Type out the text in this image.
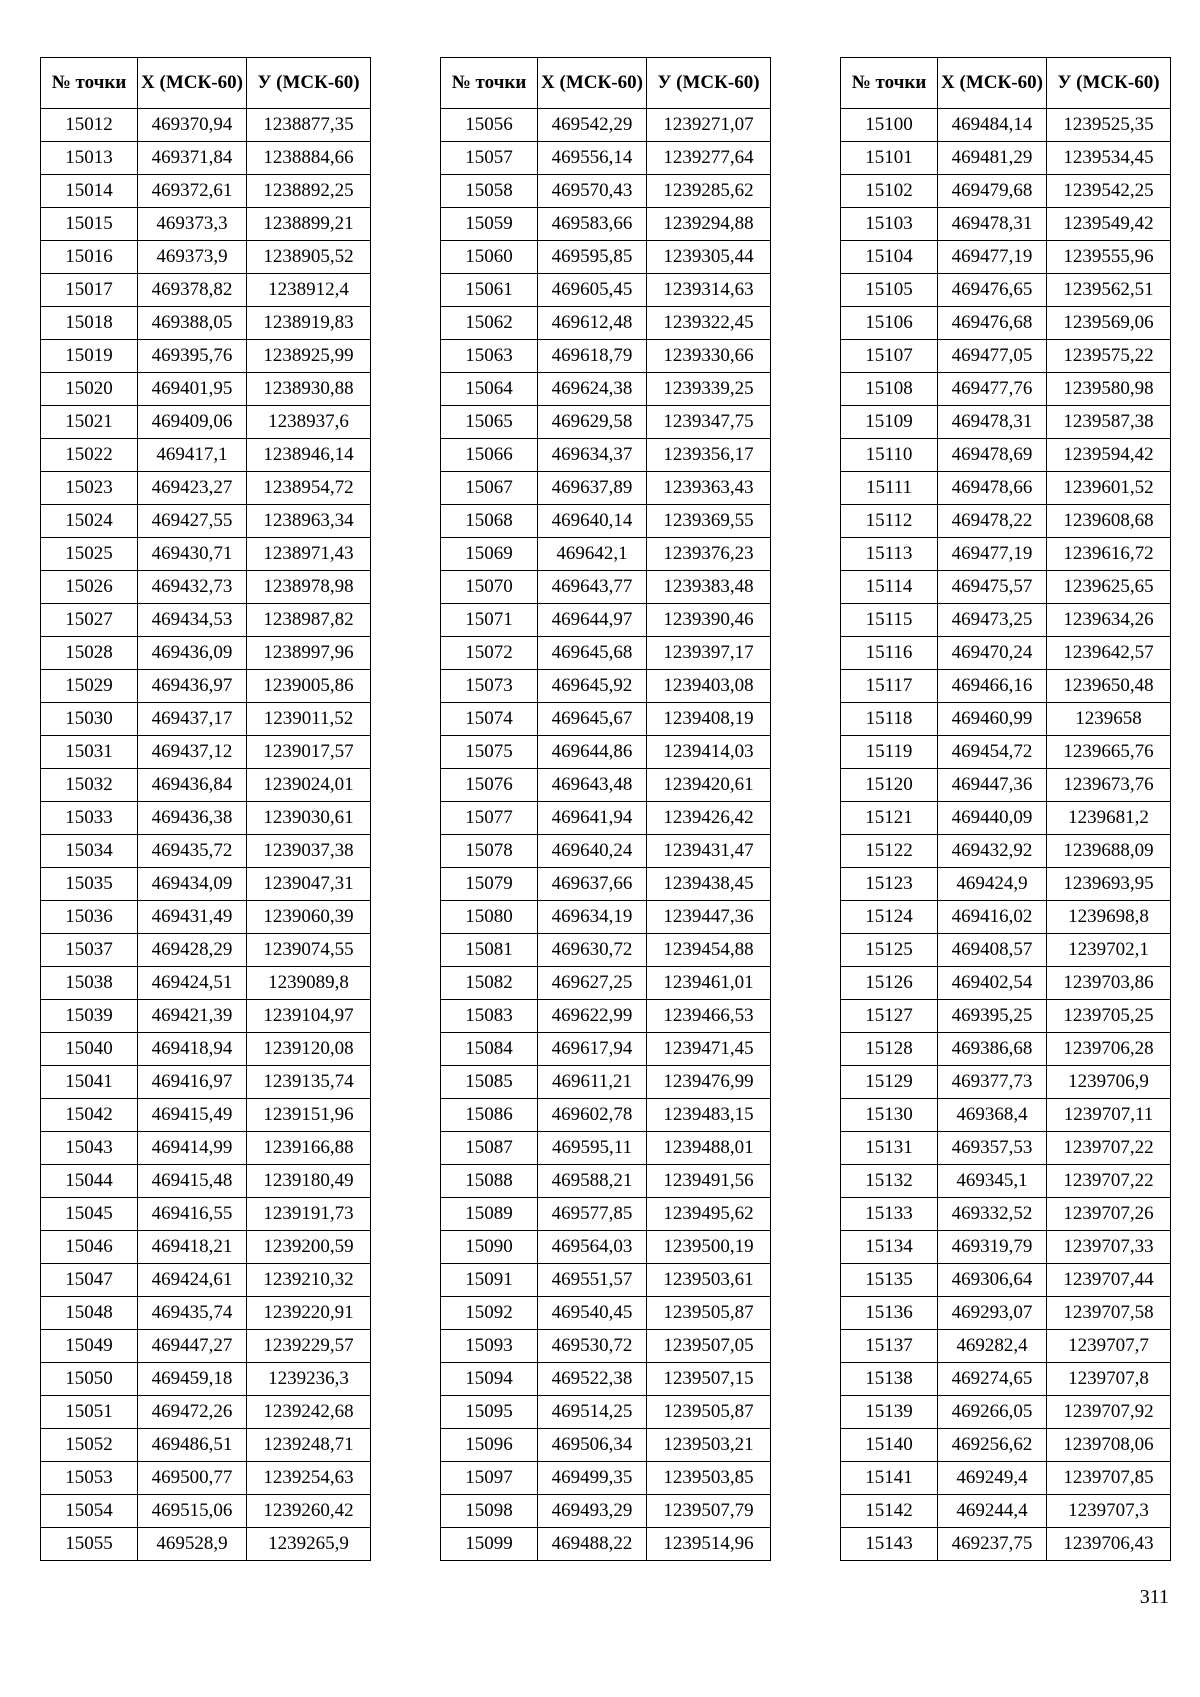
№ точки	X (МСК-60)	У (МСК-60)
15012	469370,94	1238877,35
15013	469371,84	1238884,66
15014	469372,61	1238892,25
15015	469373,3	1238899,21
15016	469373,9	1238905,52
15017	469378,82	1238912,4
15018	469388,05	1238919,83
15019	469395,76	1238925,99
15020	469401,95	1238930,88
15021	469409,06	1238937,6
15022	469417,1	1238946,14
15023	469423,27	1238954,72
15024	469427,55	1238963,34
15025	469430,71	1238971,43
15026	469432,73	1238978,98
15027	469434,53	1238987,82
15028	469436,09	1238997,96
15029	469436,97	1239005,86
15030	469437,17	1239011,52
15031	469437,12	1239017,57
15032	469436,84	1239024,01
15033	469436,38	1239030,61
15034	469435,72	1239037,38
15035	469434,09	1239047,31
15036	469431,49	1239060,39
15037	469428,29	1239074,55
15038	469424,51	1239089,8
15039	469421,39	1239104,97
15040	469418,94	1239120,08
15041	469416,97	1239135,74
15042	469415,49	1239151,96
15043	469414,99	1239166,88
15044	469415,48	1239180,49
15045	469416,55	1239191,73
15046	469418,21	1239200,59
15047	469424,61	1239210,32
15048	469435,74	1239220,91
15049	469447,27	1239229,57
15050	469459,18	1239236,3
15051	469472,26	1239242,68
15052	469486,51	1239248,71
15053	469500,77	1239254,63
15054	469515,06	1239260,42
15055	469528,9	1239265,9
№ точки	X (МСК-60)	У (МСК-60)
15056	469542,29	1239271,07
15057	469556,14	1239277,64
15058	469570,43	1239285,62
15059	469583,66	1239294,88
15060	469595,85	1239305,44
15061	469605,45	1239314,63
15062	469612,48	1239322,45
15063	469618,79	1239330,66
15064	469624,38	1239339,25
15065	469629,58	1239347,75
15066	469634,37	1239356,17
15067	469637,89	1239363,43
15068	469640,14	1239369,55
15069	469642,1	1239376,23
15070	469643,77	1239383,48
15071	469644,97	1239390,46
15072	469645,68	1239397,17
15073	469645,92	1239403,08
15074	469645,67	1239408,19
15075	469644,86	1239414,03
15076	469643,48	1239420,61
15077	469641,94	1239426,42
15078	469640,24	1239431,47
15079	469637,66	1239438,45
15080	469634,19	1239447,36
15081	469630,72	1239454,88
15082	469627,25	1239461,01
15083	469622,99	1239466,53
15084	469617,94	1239471,45
15085	469611,21	1239476,99
15086	469602,78	1239483,15
15087	469595,11	1239488,01
15088	469588,21	1239491,56
15089	469577,85	1239495,62
15090	469564,03	1239500,19
15091	469551,57	1239503,61
15092	469540,45	1239505,87
15093	469530,72	1239507,05
15094	469522,38	1239507,15
15095	469514,25	1239505,87
15096	469506,34	1239503,21
15097	469499,35	1239503,85
15098	469493,29	1239507,79
15099	469488,22	1239514,96
№ точки	X (МСК-60)	У (МСК-60)
15100	469484,14	1239525,35
15101	469481,29	1239534,45
15102	469479,68	1239542,25
15103	469478,31	1239549,42
15104	469477,19	1239555,96
15105	469476,65	1239562,51
15106	469476,68	1239569,06
15107	469477,05	1239575,22
15108	469477,76	1239580,98
15109	469478,31	1239587,38
15110	469478,69	1239594,42
15111	469478,66	1239601,52
15112	469478,22	1239608,68
15113	469477,19	1239616,72
15114	469475,57	1239625,65
15115	469473,25	1239634,26
15116	469470,24	1239642,57
15117	469466,16	1239650,48
15118	469460,99	1239658
15119	469454,72	1239665,76
15120	469447,36	1239673,76
15121	469440,09	1239681,2
15122	469432,92	1239688,09
15123	469424,9	1239693,95
15124	469416,02	1239698,8
15125	469408,57	1239702,1
15126	469402,54	1239703,86
15127	469395,25	1239705,25
15128	469386,68	1239706,28
15129	469377,73	1239706,9
15130	469368,4	1239707,11
15131	469357,53	1239707,22
15132	469345,1	1239707,22
15133	469332,52	1239707,26
15134	469319,79	1239707,33
15135	469306,64	1239707,44
15136	469293,07	1239707,58
15137	469282,4	1239707,7
15138	469274,65	1239707,8
15139	469266,05	1239707,92
15140	469256,62	1239708,06
15141	469249,4	1239707,85
15142	469244,4	1239707,3
15143	469237,75	1239706,43
311
